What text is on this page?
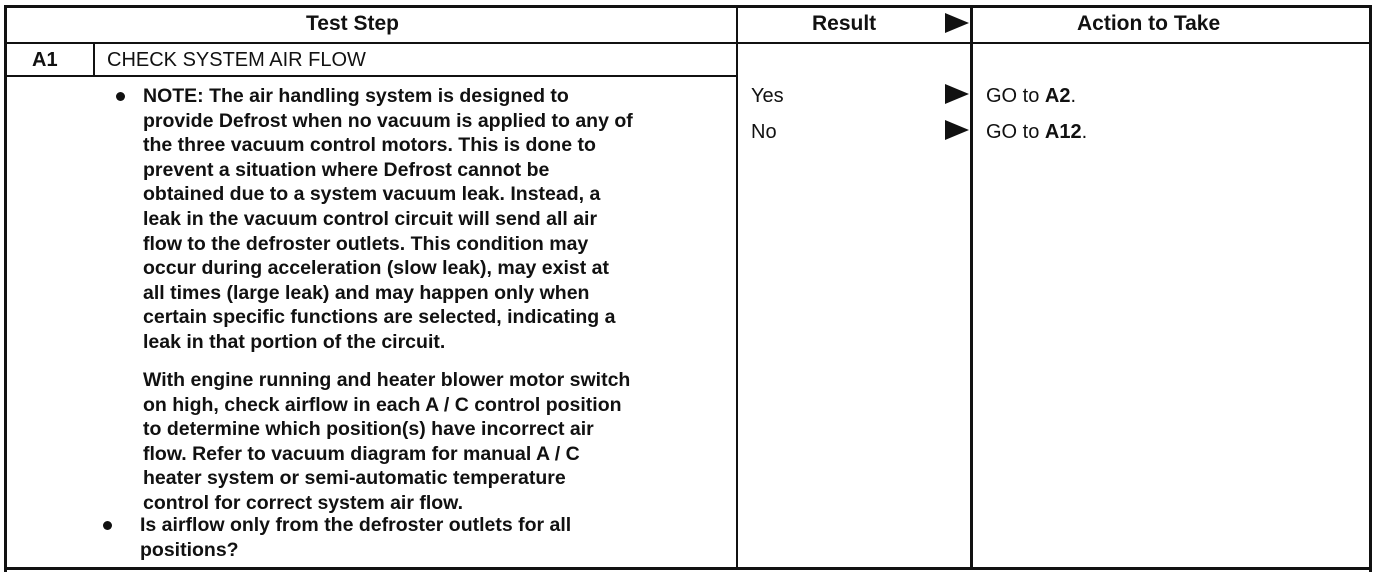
Test Step	Result	Action to Take
A1 CHECK SYSTEM AIR FLOW
NOTE: The air handling system is designed to
provide Defrost when no vacuum is applied to any of
the three vacuum control motors. This is done to
prevent a situation where Defrost cannot be
obtained due to a system vacuum leak. Instead, a
leak in the vacuum control circuit will send all air
flow to the defroster outlets. This condition may
occur during acceleration (slow leak), may exist at
all times (large leak) and may happen only when
certain specific functions are selected, indicating a
leak in that portion of the circuit.
With engine running and heater blower motor switch
on high, check airflow in each A / C control position
to determine which position(s) have incorrect air
flow. Refer to vacuum diagram for manual A / C
heater system or semi-automatic temperature
control for correct system air flow.
Is airflow only from the defroster outlets for all
positions?
Yes	GO to A2.
No	GO to A12.
